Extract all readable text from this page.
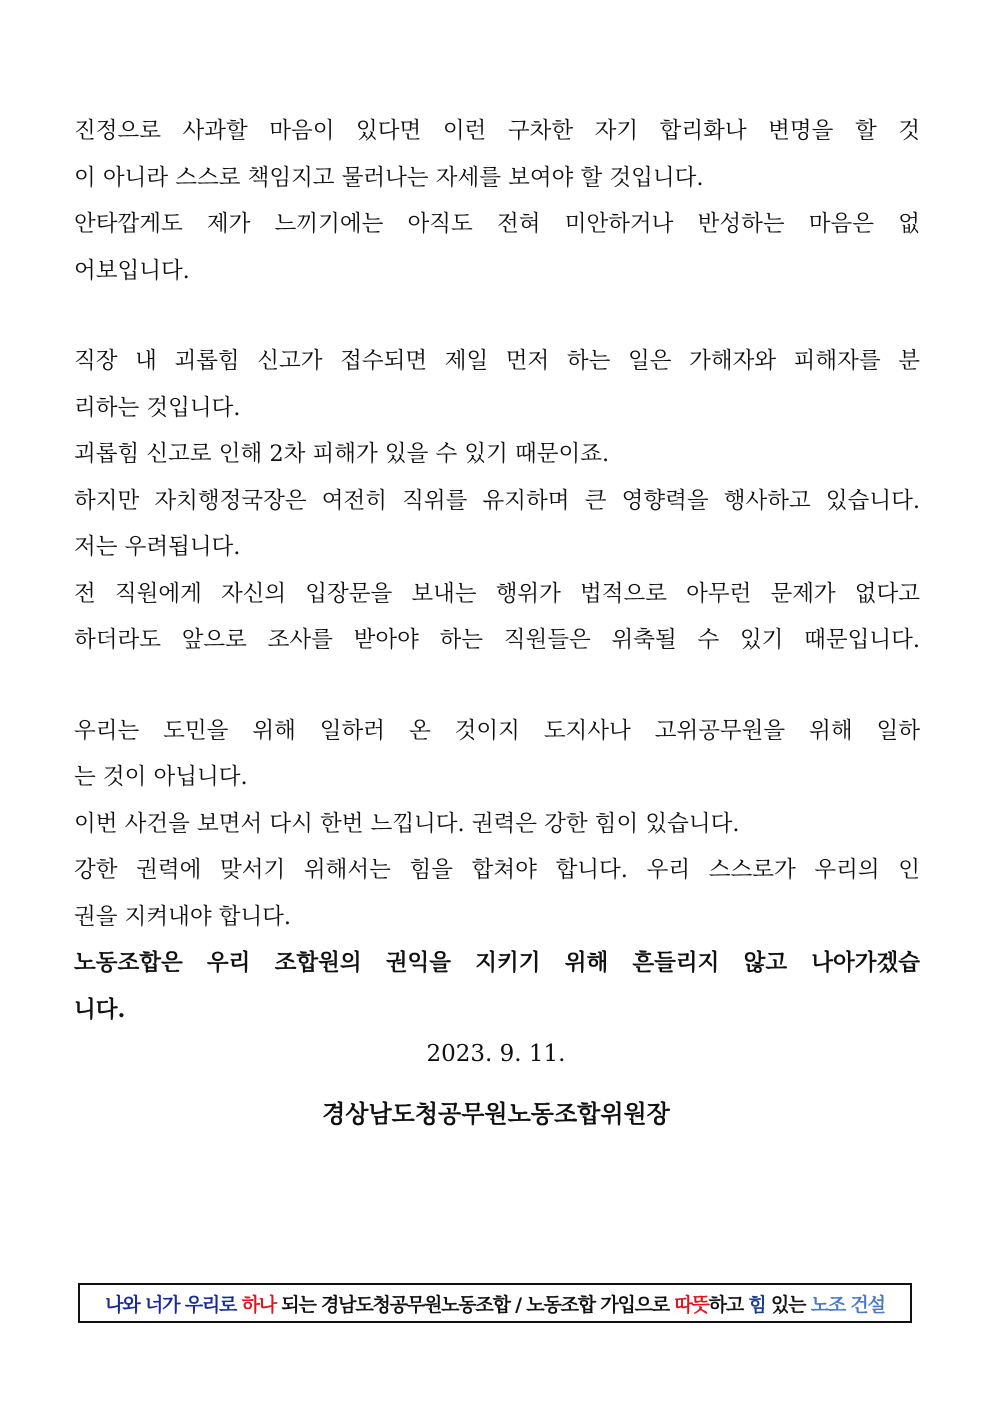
진정으로 사과할 마음이 있다면 이런 구차한 자기 합리화나 변명을 할 것

이 아니라 스스로 책임지고 물러나는 자세를 보여야 할 것입니다.

안타깝게도 제가 느끼기에는 아직도 전혀 미안하거나 반성하는 마음은 없

어보입니다.

직장 내 괴롭힘 신고가 접수되면 제일 먼저 하는 일은 가해자와 피해자를 분

리하는 것입니다.

괴롭힘 신고로 인해 2차 피해가 있을 수 있기 때문이죠.

하지만 자치행정국장은 여전히 직위를 유지하며 큰 영향력을 행사하고 있습니다.

저는 우려됩니다.

전 직원에게 자신의 입장문을 보내는 행위가 법적으로 아무런 문제가 없다고

하더라도 앞으로 조사를 받아야 하는 직원들은 위축될 수 있기 때문입니다.

우리는 도민을 위해 일하러 온 것이지 도지사나 고위공무원을 위해 일하

는 것이 아닙니다.

이번 사건을 보면서 다시 한번 느낍니다. 권력은 강한 힘이 있습니다.

강한 권력에 맞서기 위해서는 힘을 합쳐야 합니다. 우리 스스로가 우리의 인

권을 지켜내야 합니다.

노동조합은 우리 조합원의 권익을 지키기 위해 흔들리지 않고 나아가겠습

니다.

2023. 9. 11.
경상남도청공무원노동조합위원장
나와 너가 우리로 하나 되는 경남도청공무원노동조합 / 노동조합 가입으로 따뜻 하고 힘 있는 노조 건설
